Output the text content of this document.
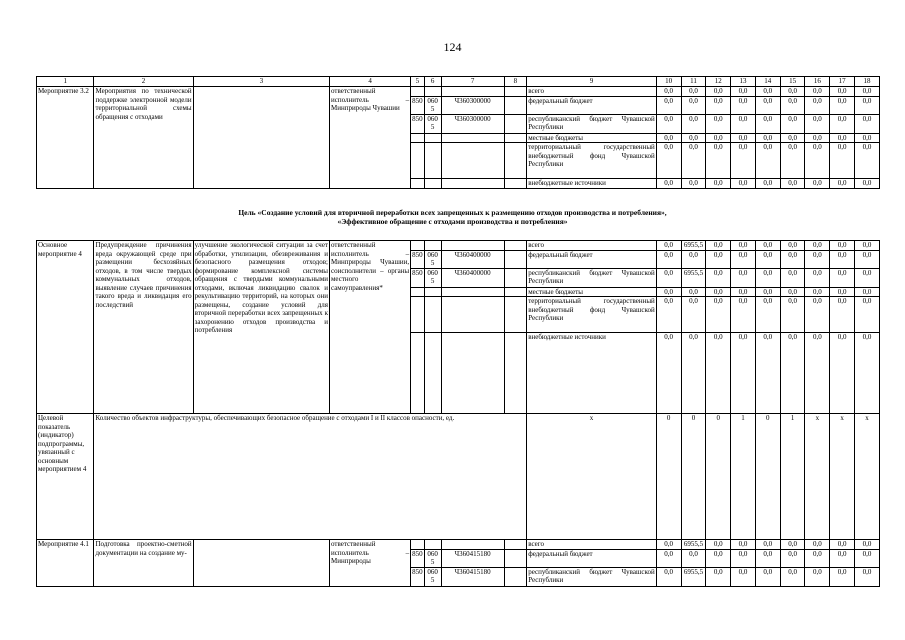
124
1	2	3	4	5	6	7	8	9	10	11	12	13	14	15	16	17	18
Мероприятие 3.2	Мероприятия по технической поддержке электронной модели территориальной схемы обращения с отходами		ответственный исполнитель – Минприроды Чувашии					всего	0,0	0,0	0,0	0,0	0,0	0,0	0,0	0,0	0,0
				850	0605	Ч360300000		федеральный бюджет	0,0	0,0	0,0	0,0	0,0	0,0	0,0	0,0	0,0
				850	0605	Ч360300000		республиканский бюджет Чувашской Республики	0,0	0,0	0,0	0,0	0,0	0,0	0,0	0,0	0,0
								местные бюджеты	0,0	0,0	0,0	0,0	0,0	0,0	0,0	0,0	0,0
								территориальный государственный внебюджетный фонд Чувашской Республики	0,0	0,0	0,0	0,0	0,0	0,0	0,0	0,0	0,0
								внебюджетные источники	0,0	0,0	0,0	0,0	0,0	0,0	0,0	0,0	0,0
Цель «Создание условий для вторичной переработки всех запрещенных к размещению отходов производства и потребления»,
«Эффективное обращение с отходами производства и потребления»
Основное мероприятие 4	Предупреждение причинения вреда окружающей среде при размещении бесхозяйных отходов, в том числе твердых коммунальных отходов, выявление случаев причинения такого вреда и ликвидация его последствий	улучшение экологической ситуации за счет обработки, утилизации, обезвреживания и безопасного размещения отходов; формирование комплексной системы обращения с твердыми коммунальными отходами, включая ликвидацию свалок и рекультивацию территорий, на которых они размещены, создание условий для вторичной переработки всех запрещенных к захоронению отходов производства и потребления	ответственный исполнитель – Минприроды Чувашии, соисполнители – органы местного самоуправления*					всего	0,0	6955,5	0,0	0,0	0,0	0,0	0,0	0,0	0,0
				850	0605	Ч360400000		федеральный бюджет	0,0	0,0	0,0	0,0	0,0	0,0	0,0	0,0	0,0
				850	0605	Ч360400000		республиканский бюджет Чувашской Республики	0,0	6955,5	0,0	0,0	0,0	0,0	0,0	0,0	0,0
								местные бюджеты	0,0	0,0	0,0	0,0	0,0	0,0	0,0	0,0	0,0
								территориальный государственный внебюджетный фонд Чувашской Республики	0,0	0,0	0,0	0,0	0,0	0,0	0,0	0,0	0,0
								внебюджетные источники	0,0	0,0	0,0	0,0	0,0	0,0	0,0	0,0	0,0
Целевой показатель (индикатор) подпрограммы, увязанный с основным мероприятием 4	Количество объектов инфраструктуры, обеспечивающих безопасное обращение с отходами I и II классов опасности, ед.							х	0	0	0	1	0	1	х	х	х
Мероприятие 4.1	Подготовка проектно-сметной документации на создание му-		ответственный исполнитель – Минприроды					всего	0,0	6955,5	0,0	0,0	0,0	0,0	0,0	0,0	0,0
				850	0605	Ч360415180		федеральный бюджет	0,0	0,0	0,0	0,0	0,0	0,0	0,0	0,0	0,0
				850	0605	Ч360415180		республиканский бюджет Чувашской Республики	0,0	6955,5	0,0	0,0	0,0	0,0	0,0	0,0	0,0
